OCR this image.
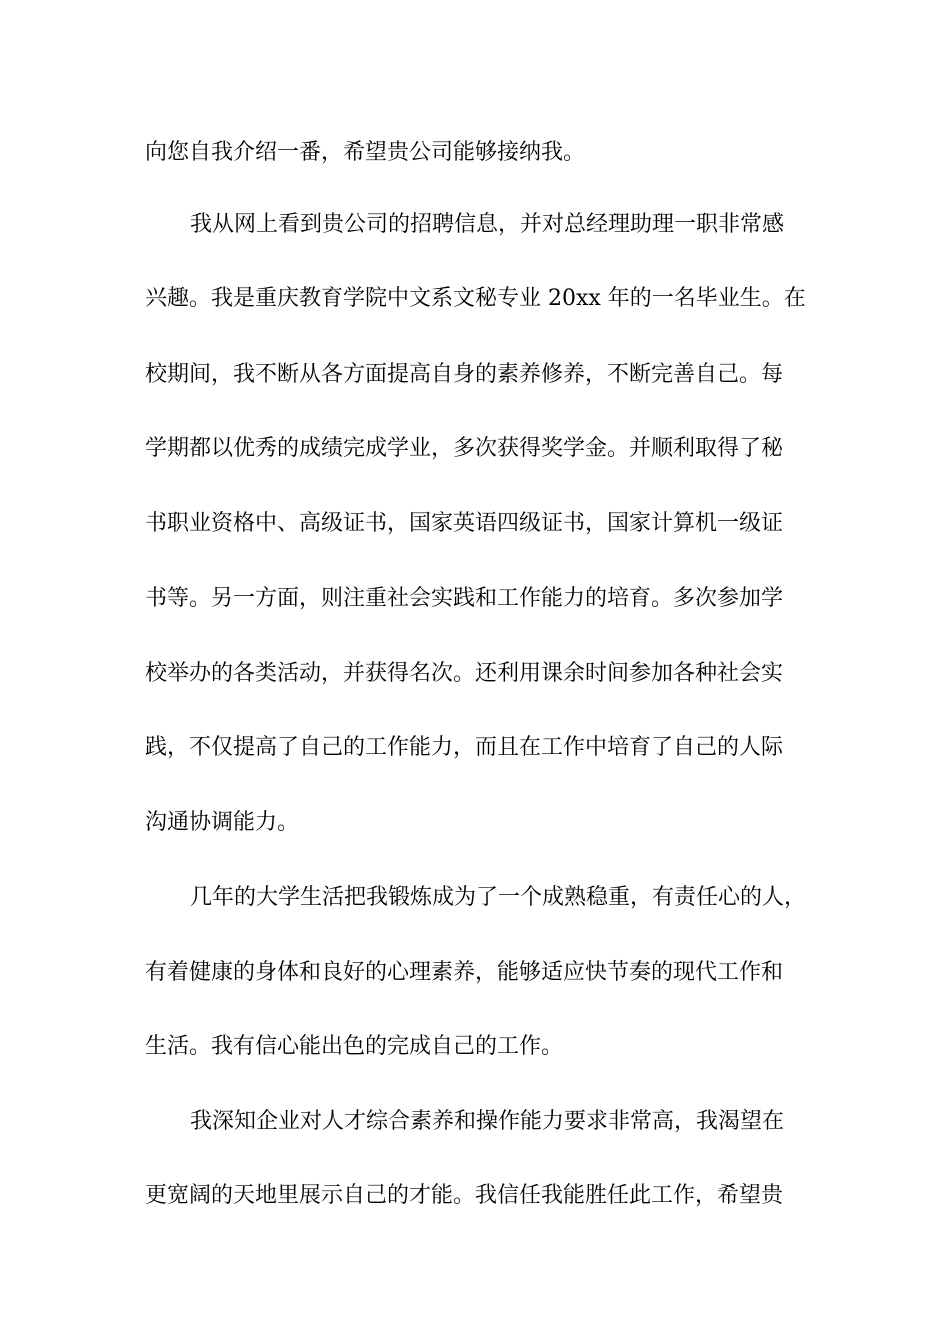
向您自我介绍一番，希望贵公司能够接纳我。
我从网上看到贵公司的招聘信息，并对总经理助理一职非常感
兴趣。我是重庆教育学院中文系文秘专业 20xx 年的一名毕业生。在
校期间，我不断从各方面提高自身的素养修养，不断完善自己。每
学期都以优秀的成绩完成学业，多次获得奖学金。并顺利取得了秘
书职业资格中、高级证书，国家英语四级证书，国家计算机一级证
书等。另一方面，则注重社会实践和工作能力的培育。多次参加学
校举办的各类活动，并获得名次。还利用课余时间参加各种社会实
践，不仅提高了自己的工作能力，而且在工作中培育了自己的人际
沟通协调能力。
几年的大学生活把我锻炼成为了一个成熟稳重，有责任心的人，
有着健康的身体和良好的心理素养，能够适应快节奏的现代工作和
生活。我有信心能出色的完成自己的工作。
我深知企业对人才综合素养和操作能力要求非常高，我渴望在
更宽阔的天地里展示自己的才能。我信任我能胜任此工作，希望贵
